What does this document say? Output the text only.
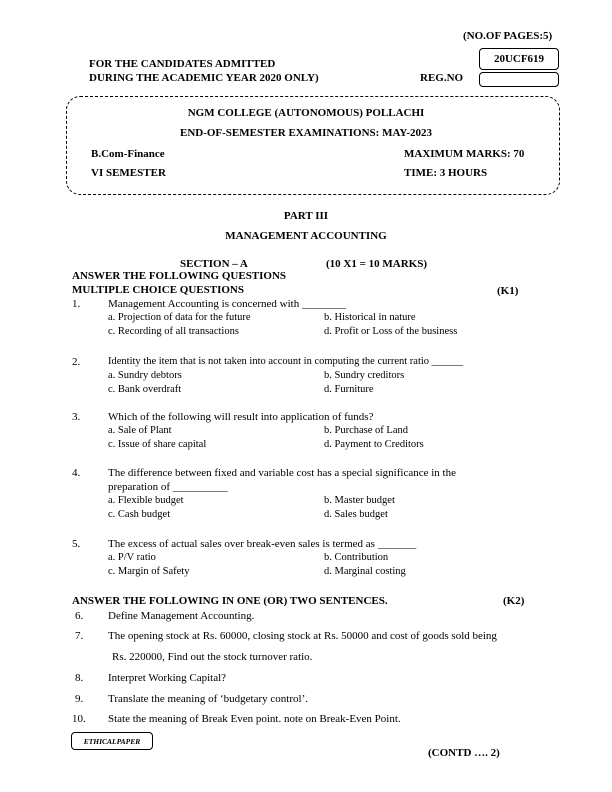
(NO.OF PAGES:5)
FOR THE CANDIDATES ADMITTED
DURING THE ACADEMIC YEAR 2020 ONLY)
20UCF619
REG.NO
NGM COLLEGE (AUTONOMOUS) POLLACHI
END-OF-SEMESTER EXAMINATIONS: MAY-2023
B.Com-Finance	MAXIMUM MARKS: 70
VI SEMESTER	TIME: 3 HOURS
PART III
MANAGEMENT ACCOUNTING
SECTION – A	(10 X1 = 10 MARKS)
ANSWER THE FOLLOWING QUESTIONS
MULTIPLE CHOICE QUESTIONS	(K1)
1.	Management Accounting is concerned with ________
a. Projection of data for the future	b. Historical in nature
c. Recording of all transactions	d. Profit or Loss of the business
2.	Identity the item that is not taken into account in computing the current ratio ______
a. Sundry debtors	b. Sundry creditors
c. Bank overdraft	d. Furniture
3.	Which of the following will result into application of funds?
a. Sale of Plant	b. Purchase of Land
c. Issue of share capital	d. Payment to Creditors
4.	The difference between fixed and variable cost has a special significance in the
preparation of __________
a. Flexible budget	b. Master budget
c. Cash budget	d. Sales budget
5.	The excess of actual sales over break-even sales is termed as _______
a. P/V ratio	b. Contribution
c. Margin of Safety	d. Marginal costing
ANSWER THE FOLLOWING IN ONE (OR) TWO SENTENCES.	(K2)
6. Define Management Accounting.
7. The opening stock at Rs. 60000, closing stock at Rs. 50000 and cost of goods sold being
Rs. 220000, Find out the stock turnover ratio.
8. Interpret Working Capital?
9. Translate the meaning of ‘budgetary control’.
10. State the meaning of Break Even point. note on Break-Even Point.
ETHICALPAPER
(CONTD …. 2)
